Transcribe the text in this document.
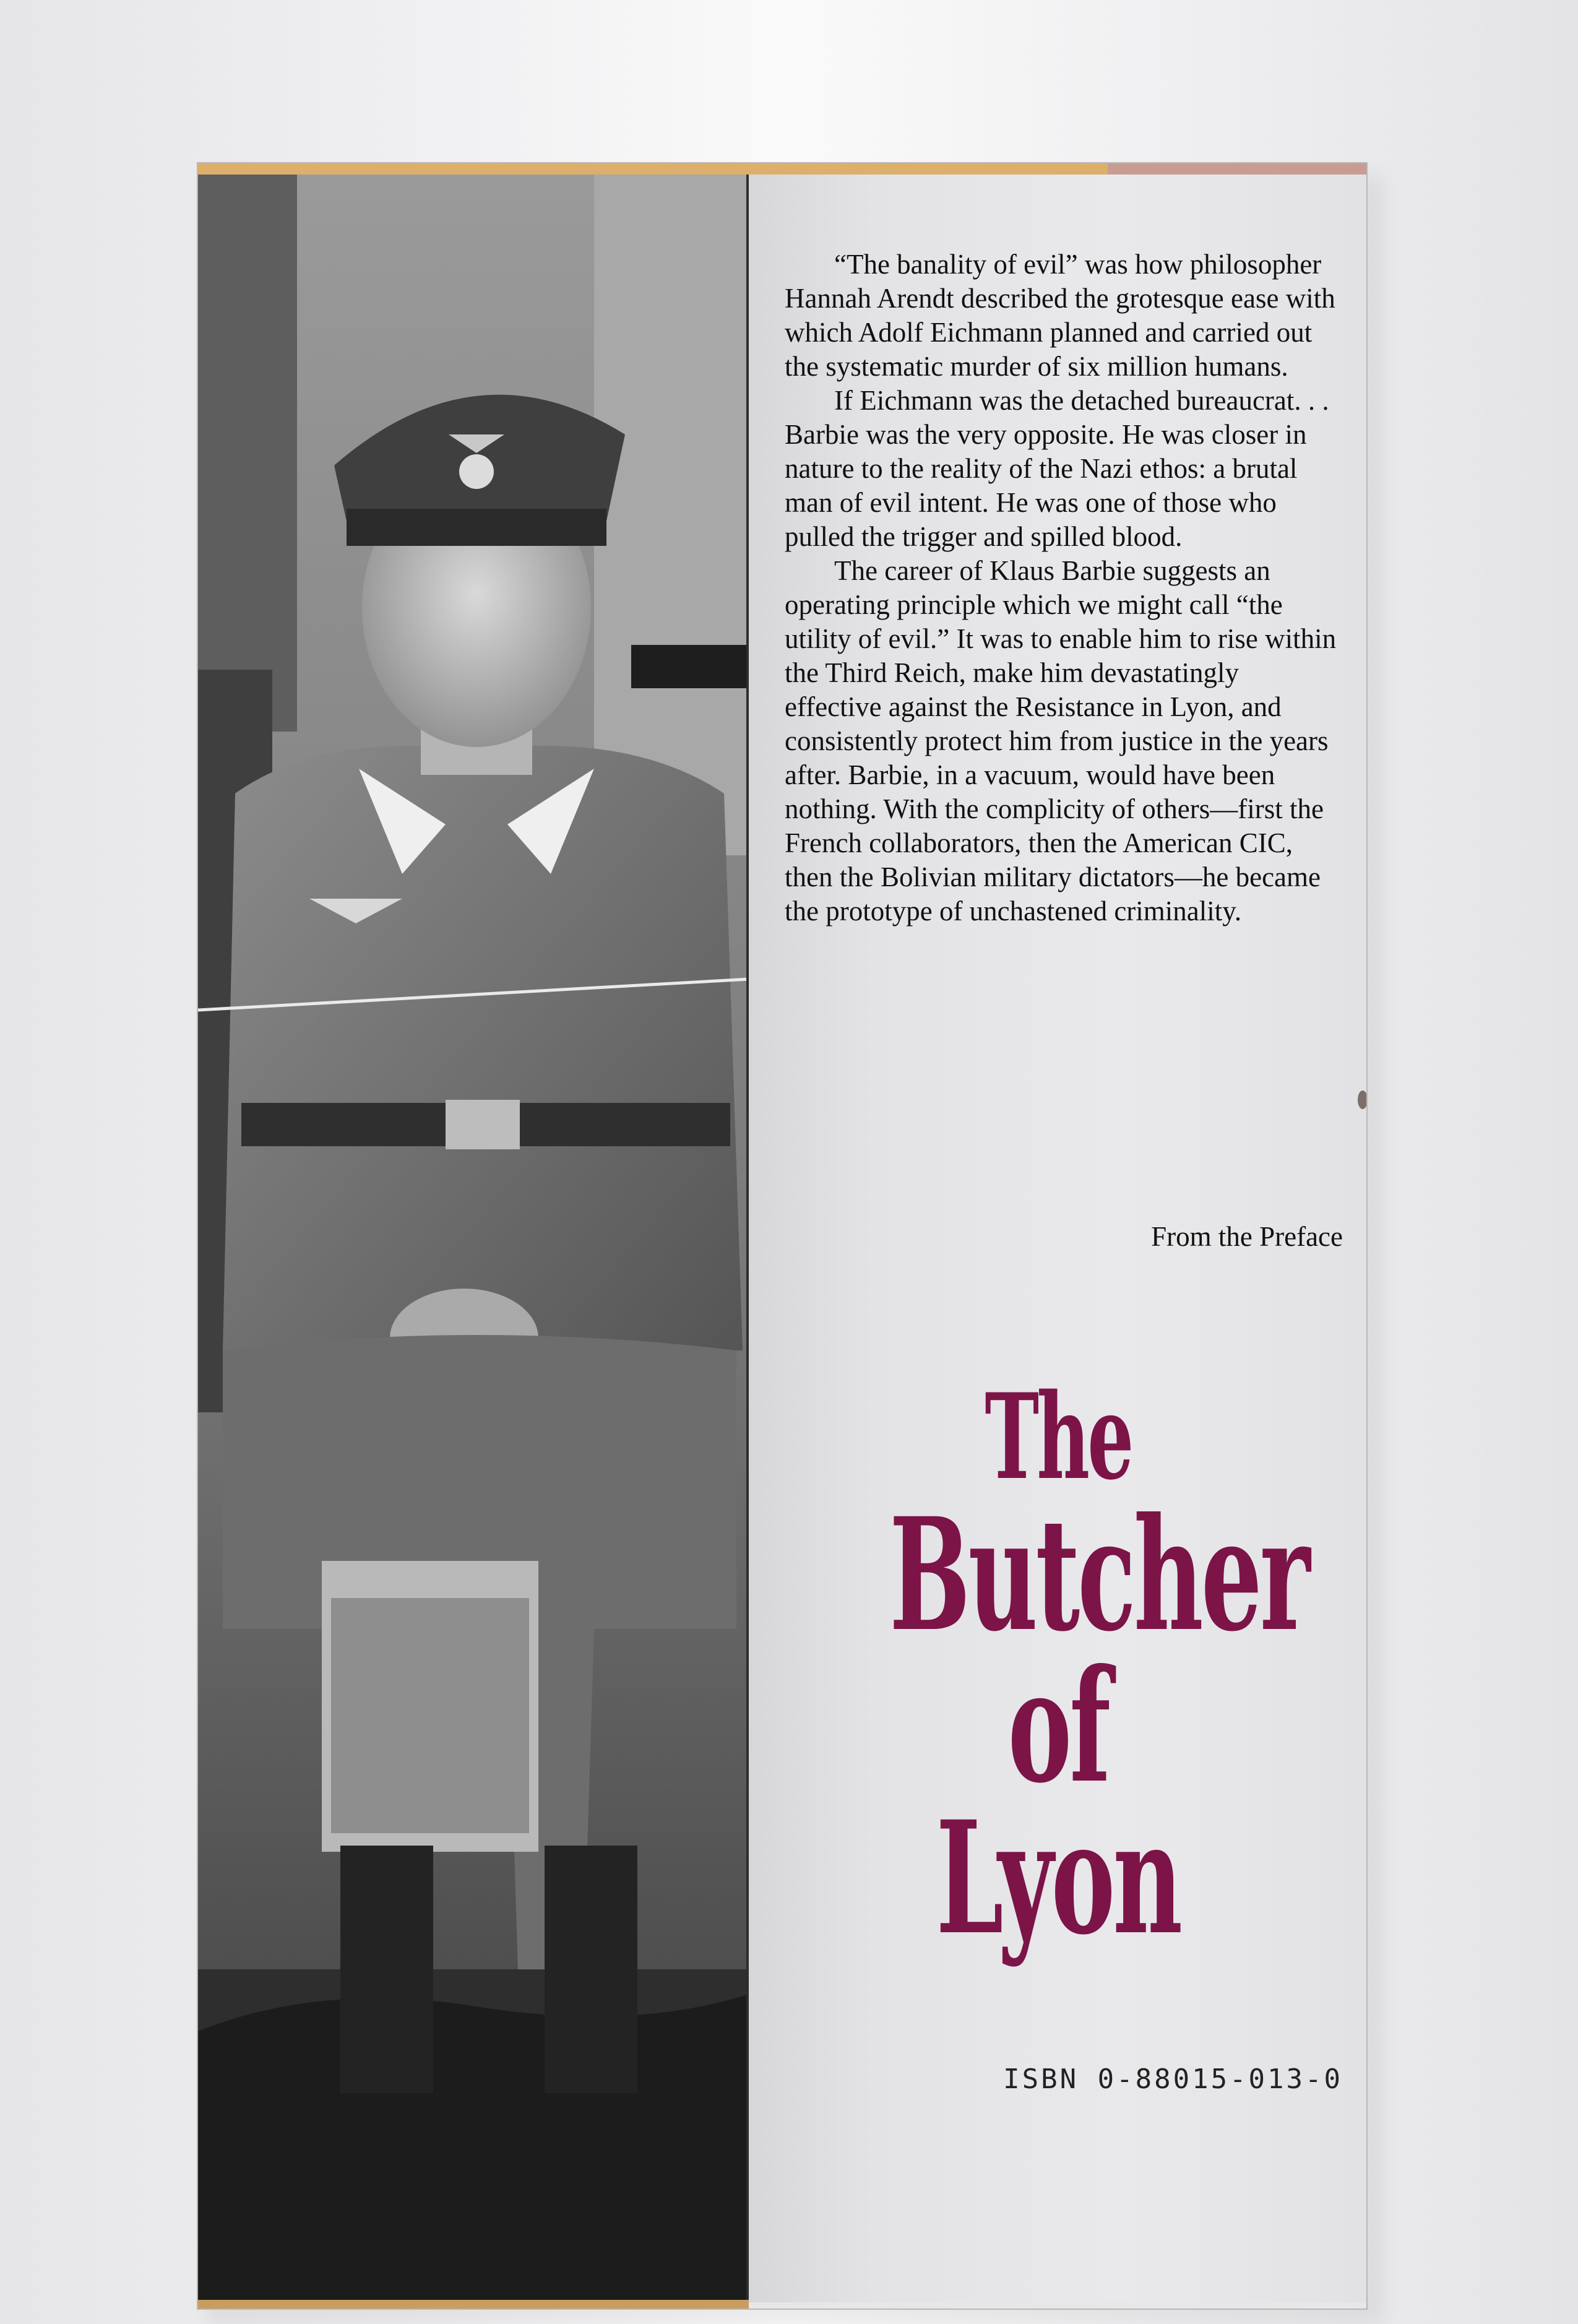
“The banality of evil” was how philosopher Hannah Arendt described the grotesque ease with which Adolf Eichmann planned and carried out the systematic murder of six million humans.

If Eichmann was the detached bureaucrat. . . Barbie was the very opposite. He was closer in nature to the reality of the Nazi ethos: a brutal man of evil intent. He was one of those who pulled the trigger and spilled blood.

The career of Klaus Barbie suggests an operating principle which we might call “the utility of evil.” It was to enable him to rise within the Third Reich, make him devastatingly effective against the Resistance in Lyon, and consistently protect him from justice in the years after. Barbie, in a vacuum, would have been nothing. With the complicity of others—first the French collaborators, then the American CIC, then the Bolivian military dictators—he became the prototype of unchastened criminality.

From the Preface
The
Butcher
of Lyon
ISBN 0-88015-013-0
